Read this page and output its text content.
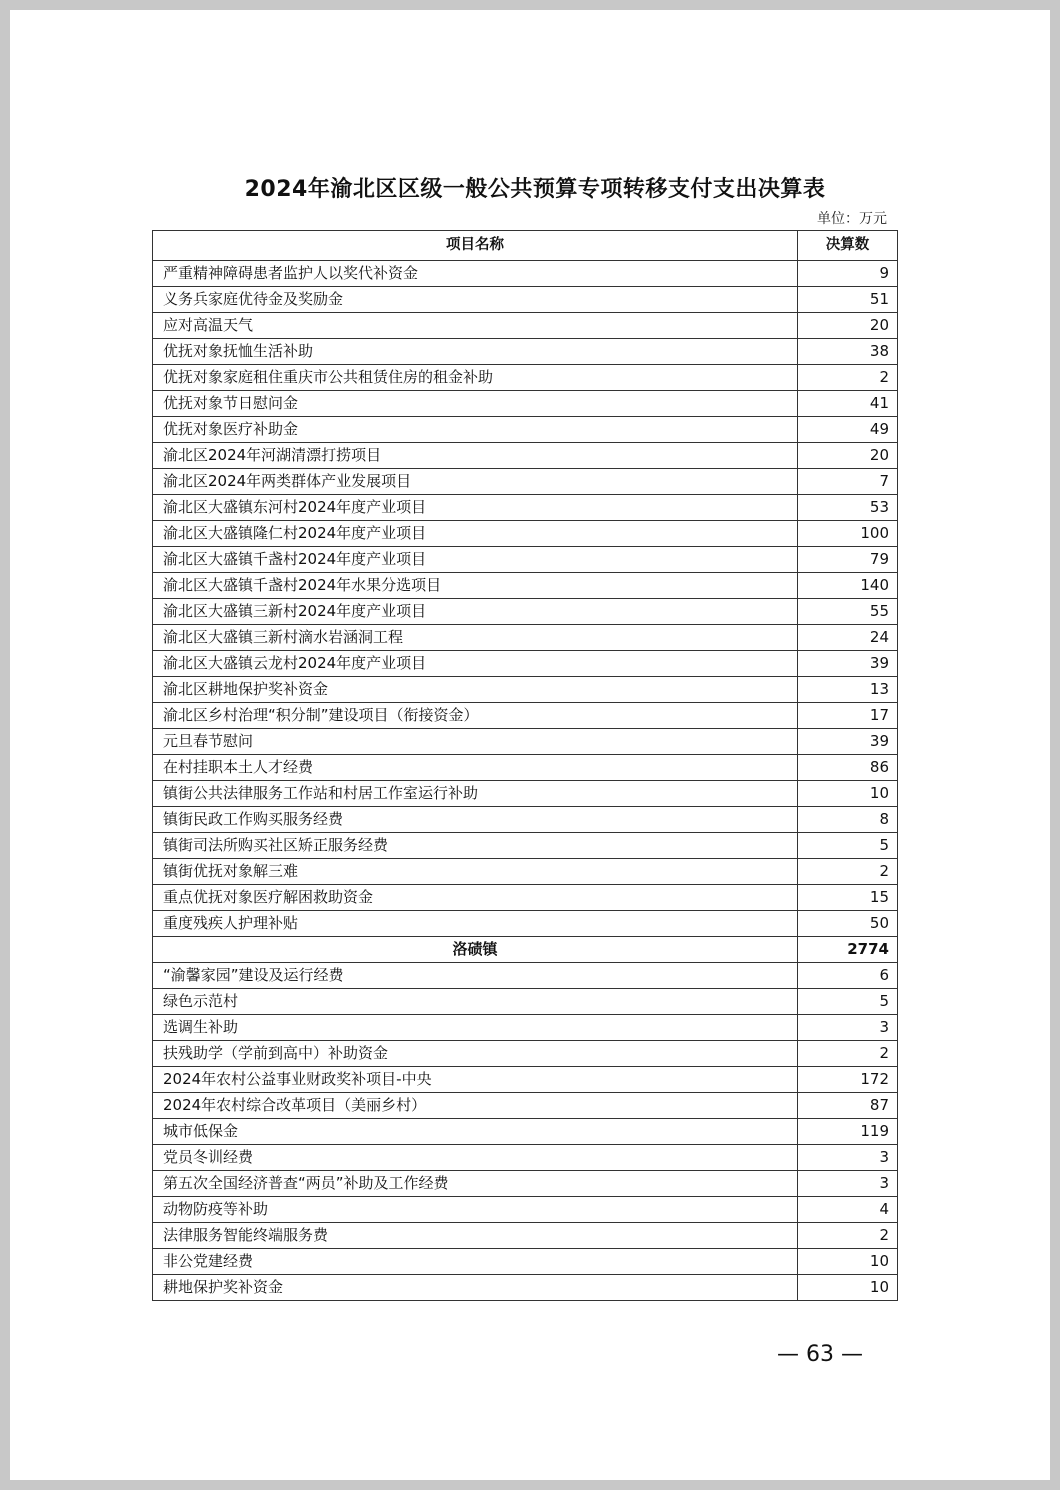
2024年渝北区区级一般公共预算专项转移支付支出决算表
单位：万元
项目名称	决算数
严重精神障碍患者监护人以奖代补资金	9
义务兵家庭优待金及奖励金	51
应对高温天气	20
优抚对象抚恤生活补助	38
优抚对象家庭租住重庆市公共租赁住房的租金补助	2
优抚对象节日慰问金	41
优抚对象医疗补助金	49
渝北区2024年河湖清漂打捞项目	20
渝北区2024年两类群体产业发展项目	7
渝北区大盛镇东河村2024年度产业项目	53
渝北区大盛镇隆仁村2024年度产业项目	100
渝北区大盛镇千盏村2024年度产业项目	79
渝北区大盛镇千盏村2024年水果分选项目	140
渝北区大盛镇三新村2024年度产业项目	55
渝北区大盛镇三新村滴水岩涵洞工程	24
渝北区大盛镇云龙村2024年度产业项目	39
渝北区耕地保护奖补资金	13
渝北区乡村治理“积分制”建设项目（衔接资金）	17
元旦春节慰问	39
在村挂职本土人才经费	86
镇街公共法律服务工作站和村居工作室运行补助	10
镇街民政工作购买服务经费	8
镇街司法所购买社区矫正服务经费	5
镇街优抚对象解三难	2
重点优抚对象医疗解困救助资金	15
重度残疾人护理补贴	50
洛碛镇	2774
“渝馨家园”建设及运行经费	6
绿色示范村	5
选调生补助	3
扶残助学（学前到高中）补助资金	2
2024年农村公益事业财政奖补项目-中央	172
2024年农村综合改革项目（美丽乡村）	87
城市低保金	119
党员冬训经费	3
第五次全国经济普查“两员”补助及工作经费	3
动物防疫等补助	4
法律服务智能终端服务费	2
非公党建经费	10
耕地保护奖补资金	10
— 63 —
